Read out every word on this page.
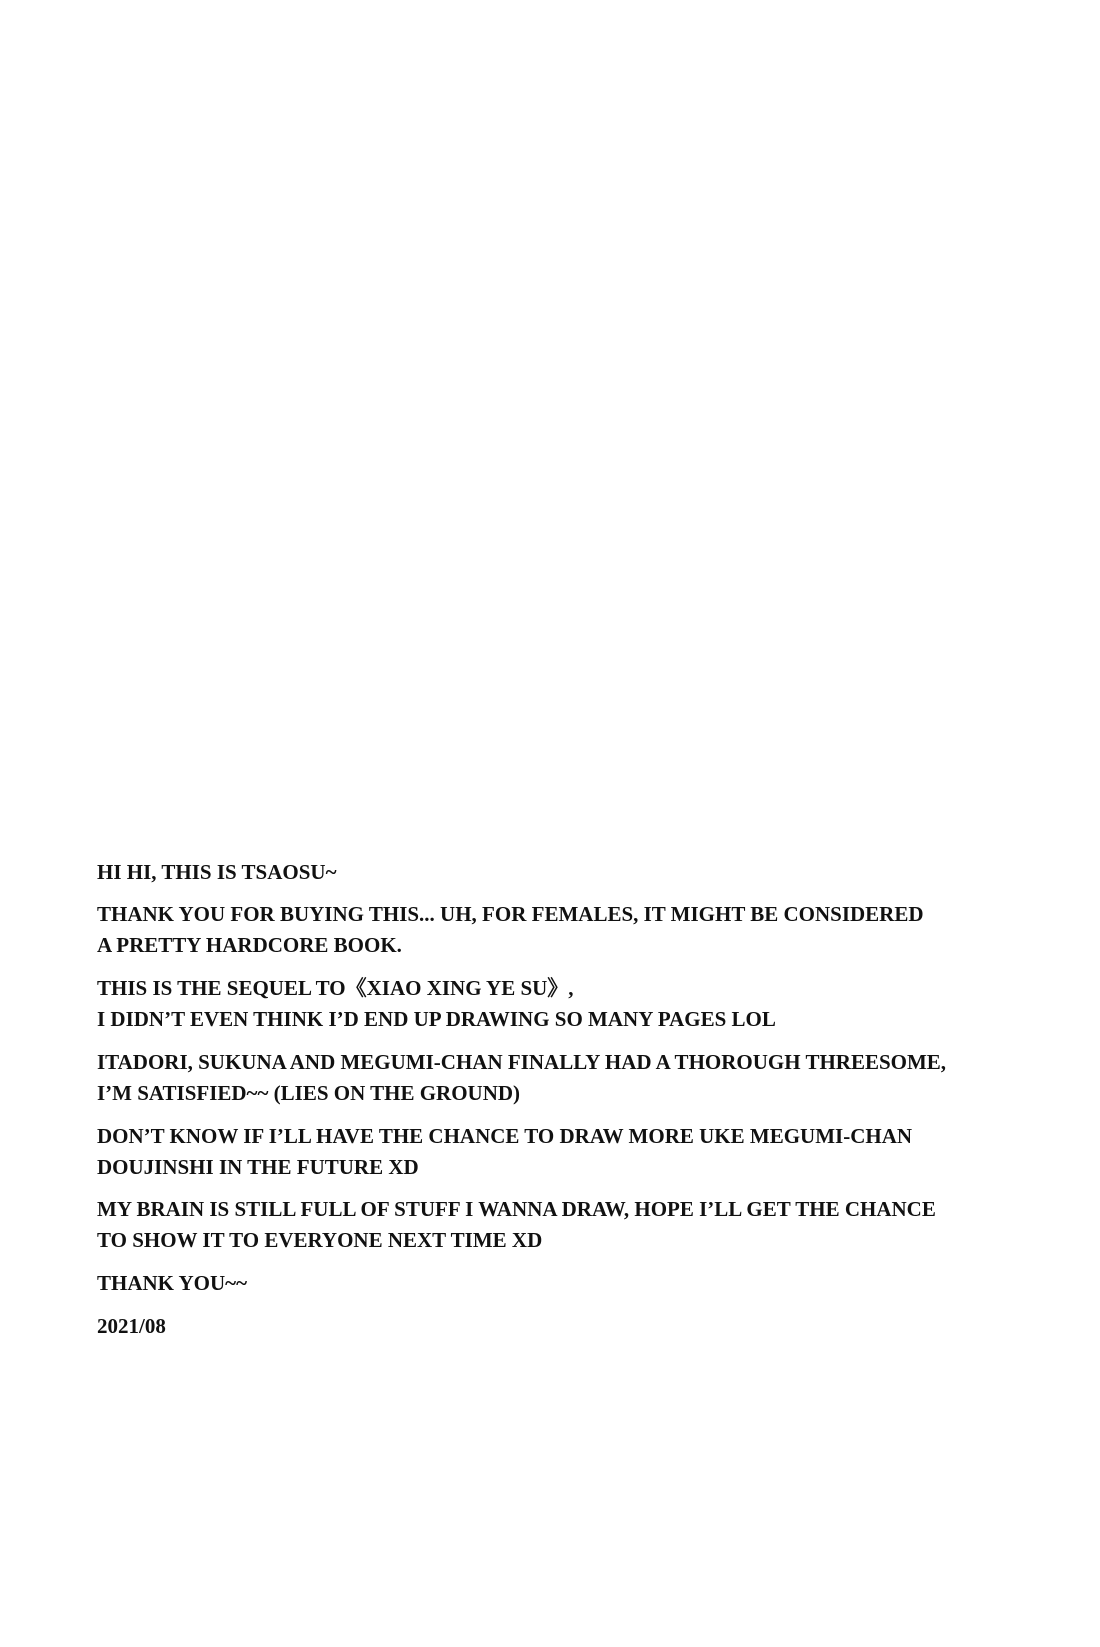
HI HI, THIS IS TSAOSU~

THANK YOU FOR BUYING THIS... UH, FOR FEMALES, IT MIGHT BE CONSIDERED
A PRETTY HARDCORE BOOK.

THIS IS THE SEQUEL TO《XIAO XING YE SU》,
I DIDN’T EVEN THINK I’D END UP DRAWING SO MANY PAGES LOL

ITADORI, SUKUNA AND MEGUMI-CHAN FINALLY HAD A THOROUGH THREESOME,
I’M SATISFIED~~ (LIES ON THE GROUND)

DON’T KNOW IF I’LL HAVE THE CHANCE TO DRAW MORE UKE MEGUMI-CHAN
DOUJINSHI IN THE FUTURE XD

MY BRAIN IS STILL FULL OF STUFF I WANNA DRAW, HOPE I’LL GET THE CHANCE
TO SHOW IT TO EVERYONE NEXT TIME XD

THANK YOU~~

2021/08
